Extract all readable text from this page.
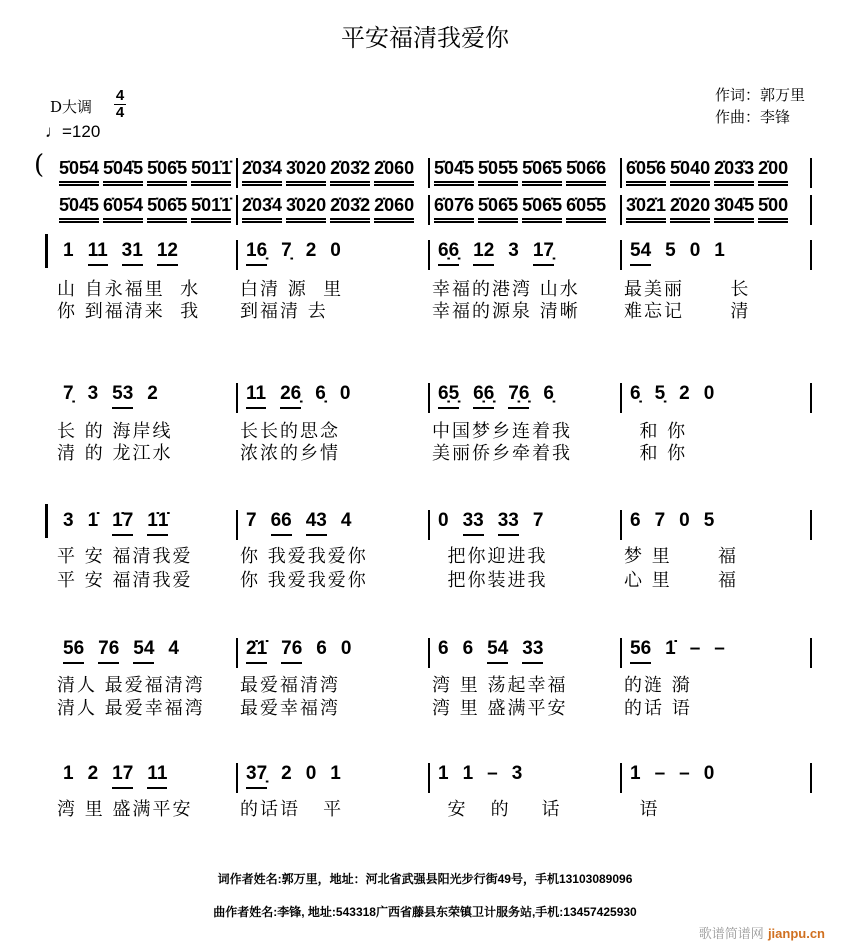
平安福清我爱你
D大调
4
4
♩=120
作词：郭万里
作曲：李锋
( 5̇05̇4 5̇04̇5 5̇06̇5 5̇01̇1̇ 2̇03̇4 3̇020 2̇03̇2 2̇060 5̇04̇5 5̇05̇5 5̇06̇5 5̇06̇6 6̇05̇6 5̇040 2̇03̇3 2̇00
5̇04̇5 6̇05̇4 5̇06̇5 5̇01̇1̇ 2̇03̇4 3̇020 2̇03̇2 2̇060 6̇07̇6 5̇06̇5 5̇06̇5 6̇05̇5 3̇02̇1 2̇020 3̇04̇5 5̇00
1 11 31 12	16̣ 7̣ 2 0	6̣6̣ 12 3 17̣	54 5 0 1
山 自永福里  水	白清 源  里	幸福的港湾 山水	最美丽      长
你 到福清来  我	到福清 去	幸福的源泉 清晰	难忘记      清
7̣ 3 53 2	11 26̣ 6̣ 0	6̣5̣ 6̣6̣ 7̣6̣ 6̣	6̣ 5̣ 2 0
长 的 海岸线	长长的思念	中国梦乡连着我	和 你
清 的 龙江水	浓浓的乡情	美丽侨乡牵着我	和 你
3 1̇ 1̇7 1̇1̇	7 66 43 4	0 33 33 7	6 7 0 5
平 安 福清我爱	你 我爱我爱你	把你迎进我	梦 里      福
平 安 福清我爱	你 我爱我爱你	把你装进我	心 里      福
56 76 54 4	2̇1̇ 76 6 0	6 6 54 33	56 1̇ – –
清人 最爱福清湾	最爱福清湾	湾 里 荡起幸福	的涟 漪
清人 最爱幸福湾	最爱幸福湾	湾 里 盛满平安	的话 语
1 2 17 11	37̣ 2 0 1	1 1 – 3	1 – – 0
湾 里 盛满平安	的话语   平	安   的    话	语
词作者姓名:郭万里，地址：河北省武强县阳光步行街49号，手机13103089096
曲作者姓名:李锋, 地址:543318广西省藤县东荣镇卫计服务站,手机:13457425930
歌谱简谱网 jianpu.cn
